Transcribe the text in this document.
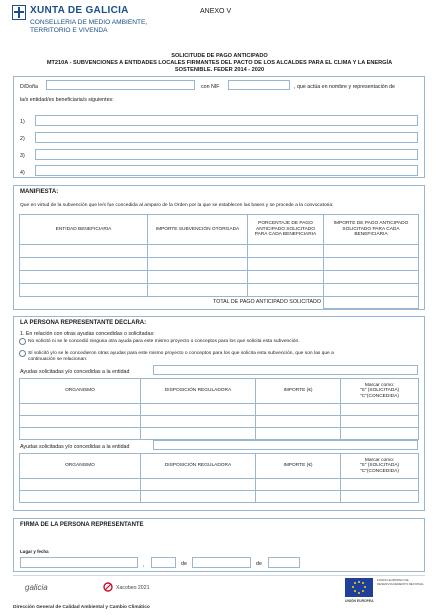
XUNTA DE GALICIA
CONSELLERIA DE MEDIO AMBIENTE,
TERRITORIO E VIVENDA
ANEXO V
SOLICITUDE DE PAGO ANTICIPADO
MT210A - SUBVENCIONES A ENTIDADES LOCALES FIRMANTES DEL PACTO DE LOS ALCALDES PARA EL CLIMA Y LA ENERGÍA
SOSTENIBLE. FEDER 2014 - 2020
D/Doña	con NIF	, que actúa en nombre y representación de
la/s entidad/es beneficiaria/s siguientes:
1)
2)
3)
4)
MANIFIESTA:
Que en virtud de la subvención que le/s fue concedida al amparo de la Orden por la que se establecen las bases y se procede a la convocatoria:
ENTIDAD BENEFICIARIA	IMPORTE SUBVENCIÓN OTORGADA	PORCENTAJE DE PAGO ANTICIPADO SOLICITADO PARA CADA BENEFICIARIA	IMPORTE DE PAGO ANTICIPADO SOLICITADO PARA CADA BENEFICIARIA

TOTAL DE PAGO ANTICIPADO SOLICITADO			
LA PERSONA REPRESENTANTE DECLARA:
1. En relación con otras ayudas concedidas o solicitadas:
No solicitó ni se le concedió ninguna otra ayuda para este mismo proyecto o conceptos para los que solicita esta subvención.
Sí solicitó y/o se le concedieron otras ayudas para este mismo proyecto o conceptos para los que solicita esta subvención, que son las que a
continuación se relacionan:
Ayudas solicitadas y/o concedidas a la entidad
ORGANISMO	DISPOSICIÓN REGULADORA	IMPORTE (€)	Marcar como:
"S" (SOLICITADA)
"C"(CONCEDIDA)

Ayudas solicitadas y/o concedidas a la entidad
ORGANISMO	DISPOSICIÓN REGULADORA	IMPORTE (€)	Marcar como:
"S" (SOLICITADA)
"C"(CONCEDIDA)

FIRMA DE LA PERSONA REPRESENTANTE
Lugar y fecha
,	de	de
galicia	Xacobeo 2021
FONDO EUROPEO DE DESENVOLVEMENTO REXIONAL
UNIÓN EUROPEA
Dirección General de Calidad Ambiental y Cambio Climático
